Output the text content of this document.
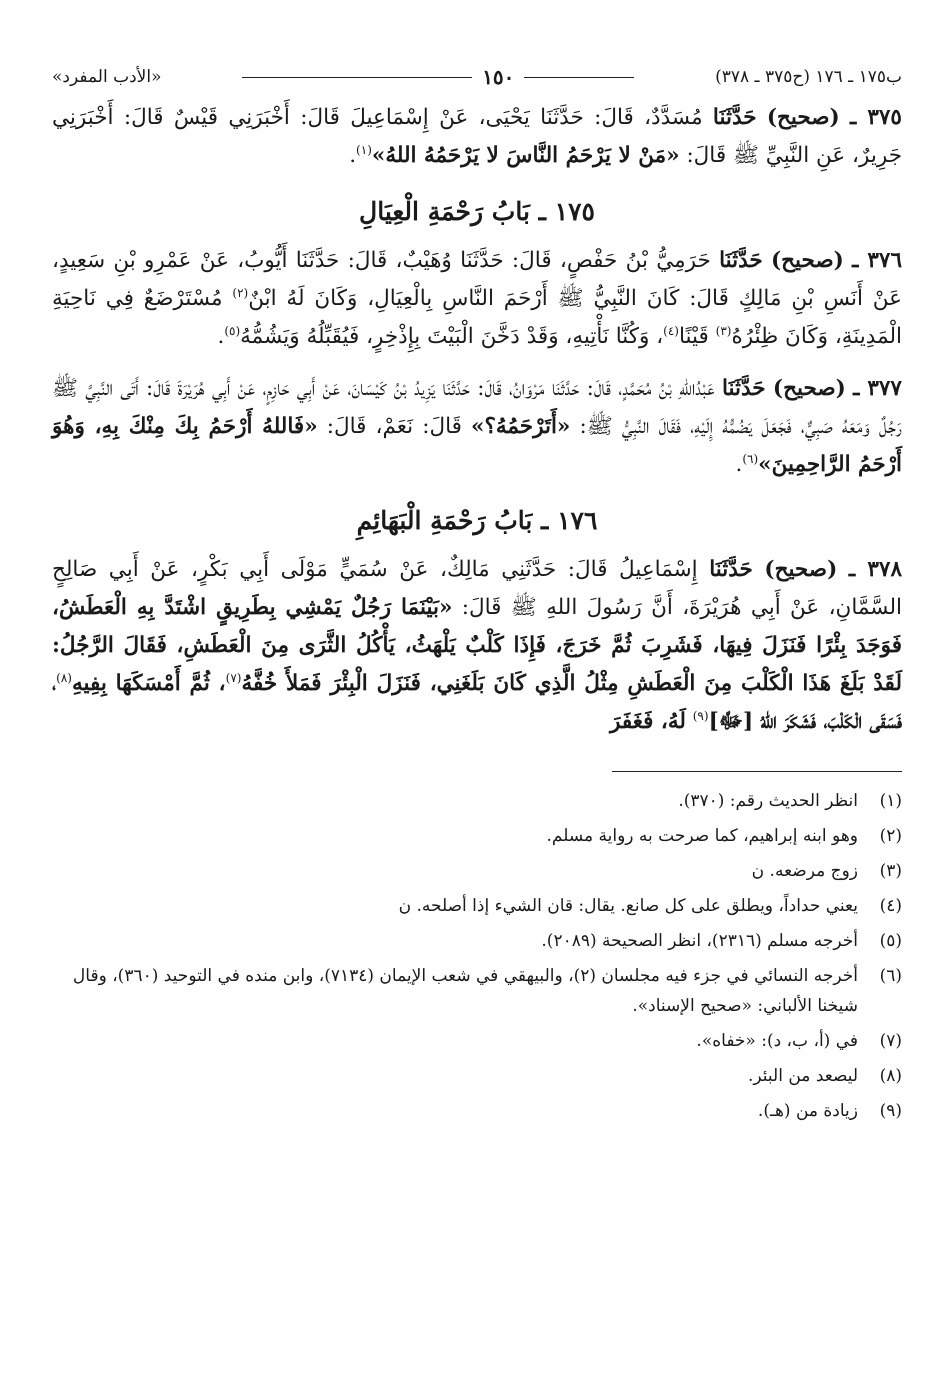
ب١٧٥ ـ ١٧٦ (ح٣٧٥ ـ ٣٧٨)
١٥٠
«الأدب المفرد»

٣٧٥ ـ (صحيح) حَدَّثَنَا مُسَدَّدٌ، قَالَ: حَدَّثَنَا يَحْيَى، عَنْ إِسْمَاعِيلَ قَالَ: أَخْبَرَنِي قَيْسٌ قَالَ: أَخْبَرَنِي جَرِيرٌ، عَنِ النَّبِيِّ ﷺ قَالَ: «مَنْ لا يَرْحَمُ النَّاسَ لا يَرْحَمُهُ اللهُ»$^{(١)}$.

١٧٥ ـ بَابُ رَحْمَةِ الْعِيَالِ

٣٧٦ ـ (صحيح) حَدَّثَنَا حَرَمِيُّ بْنُ حَفْصٍ، قَالَ: حَدَّثَنَا وُهَيْبٌ، قَالَ: حَدَّثَنَا أَيُّوبُ، عَنْ عَمْرِو بْنِ سَعِيدٍ، عَنْ أَنَسِ بْنِ مَالِكٍ قَالَ: كَانَ النَّبِيُّ ﷺ أَرْحَمَ النَّاسِ بِالْعِيَالِ، وَكَانَ لَهُ ابْنٌ$^{(٢)}$ مُسْتَرْضَعٌ فِي نَاحِيَةِ الْمَدِينَةِ، وَكَانَ ظِئْرُهُ$^{(٣)}$ قَيْنًا$^{(٤)}$، وَكُنَّا نَأْتِيهِ، وَقَدْ دَخَّنَ الْبَيْتَ بِإِذْخِرٍ، فَيُقَبِّلُهُ وَيَشُمُّهُ$^{(٥)}$.

٣٧٧ ـ (صحيح) حَدَّثَنَا عَبْدُاللهِ بْنُ مُحَمَّدٍ، قَالَ: حَدَّثَنَا مَرْوَانُ، قَالَ: حَدَّثَنَا يَزِيدُ بْنُ كَيْسَانَ، عَنْ أَبِي حَازِمٍ، عَنْ أَبِي هُرَيْرَةَ قَالَ: أَتَى النَّبِيَّ ﷺ رَجُلٌ وَمَعَهُ صَبِيٌّ، فَجَعَلَ يَضُمُّهُ إِلَيْهِ، فَقَالَ النَّبِيُّ ﷺ: «أَتَرْحَمُهُ؟» قَالَ: نَعَمْ، قَالَ: «فَاللهُ أَرْحَمُ بِكَ مِنْكَ بِهِ، وَهُوَ أَرْحَمُ الرَّاحِمِينَ»$^{(٦)}$.

١٧٦ ـ بَابُ رَحْمَةِ الْبَهَائِمِ

٣٧٨ ـ (صحيح) حَدَّثَنَا إِسْمَاعِيلُ قَالَ: حَدَّثَنِي مَالِكٌ، عَنْ سُمَيٍّ مَوْلَى أَبِي بَكْرٍ، عَنْ أَبِي صَالِحٍ السَّمَّانِ، عَنْ أَبِي هُرَيْرَةَ، أَنَّ رَسُولَ اللهِ ﷺ قَالَ: «بَيْنَمَا رَجُلٌ يَمْشِي بِطَرِيقٍ اشْتَدَّ بِهِ الْعَطَشُ، فَوَجَدَ بِئْرًا فَنَزَلَ فِيهَا، فَشَرِبَ ثُمَّ خَرَجَ، فَإِذَا كَلْبٌ يَلْهَثُ، يَأْكُلُ الثَّرَى مِنَ الْعَطَشِ، فَقَالَ الرَّجُلُ: لَقَدْ بَلَغَ هَذَا الْكَلْبَ مِنَ الْعَطَشِ مِثْلُ الَّذِي كَانَ بَلَغَنِي، فَنَزَلَ الْبِئْرَ فَمَلأَ خُفَّهُ$^{(٧)}$، ثُمَّ أَمْسَكَهَا بِفِيهِ$^{(٨)}$، فَسَقَى الْكَلْبَ، فَشَكَرَ اللهُ [ﷻ]$^{(٩)}$ لَهُ، فَغَفَرَ

(١)
انظر الحديث رقم: (٣٧٠).
(٢)
وهو ابنه إبراهيم، كما صرحت به رواية مسلم.
(٣)
زوج مرضعه. ن
(٤)
يعني حداداً، ويطلق على كل صانع. يقال: قان الشيء إذا أصلحه. ن
(٥)
أخرجه مسلم (٢٣١٦)، انظر الصحيحة (٢٠٨٩).
(٦)
أخرجه النسائي في جزء فيه مجلسان (٢)، والبيهقي في شعب الإيمان (٧١٣٤)، وابن منده في التوحيد (٣٦٠)، وقال شيخنا الألباني: «صحيح الإسناد».
(٧)
في (أ، ب، د): «خفاه».
(٨)
ليصعد من البئر.
(٩)
زيادة من (هـ).
